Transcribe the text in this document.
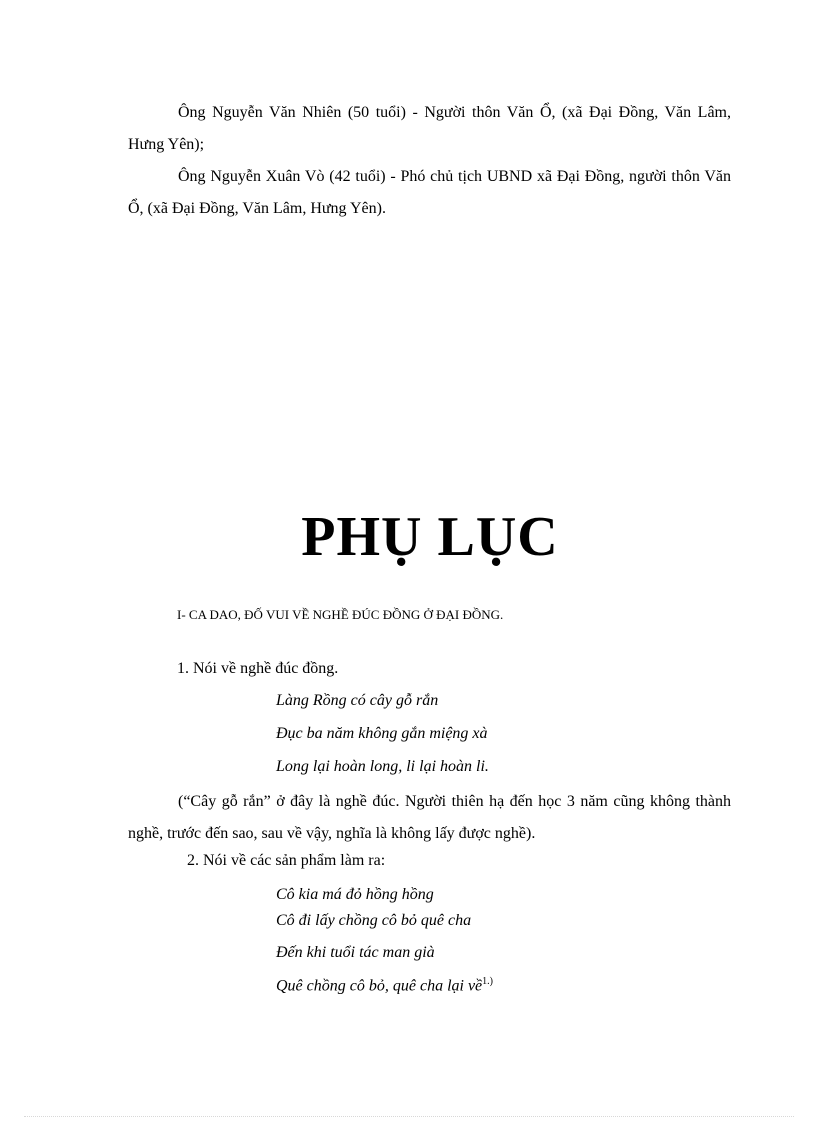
Ông Nguyễn Văn Nhiên (50 tuổi) - Người thôn Văn Ổ, (xã Đại Đồng, Văn Lâm, Hưng Yên);

Ông Nguyễn Xuân Vò (42 tuổi) - Phó chủ tịch UBND xã Đại Đồng, người thôn Văn Ổ, (xã Đại Đồng, Văn Lâm, Hưng Yên).

PHỤ LỤC

I- CA DAO, ĐỐ VUI VỀ NGHỀ ĐÚC ĐỒNG Ở ĐẠI ĐỒNG.

1. Nói về nghề đúc đồng.

Làng Rồng có cây gỗ rắn

Đục ba năm không gắn miệng xà

Long lại hoàn long, li lại hoàn li.

(“Cây gỗ rắn” ở đây là nghề đúc. Người thiên hạ đến học 3 năm cũng không thành nghề, trước đến sao, sau về vậy, nghĩa là không lấy được nghề).

2. Nói về các sản phẩm làm ra:

Cô kia má đỏ hồng hồng

Cô đi lấy chồng cô bỏ quê cha

Đến khi tuổi tác man già

Quê chồng cô bỏ, quê cha lại về$^{1.)}$
